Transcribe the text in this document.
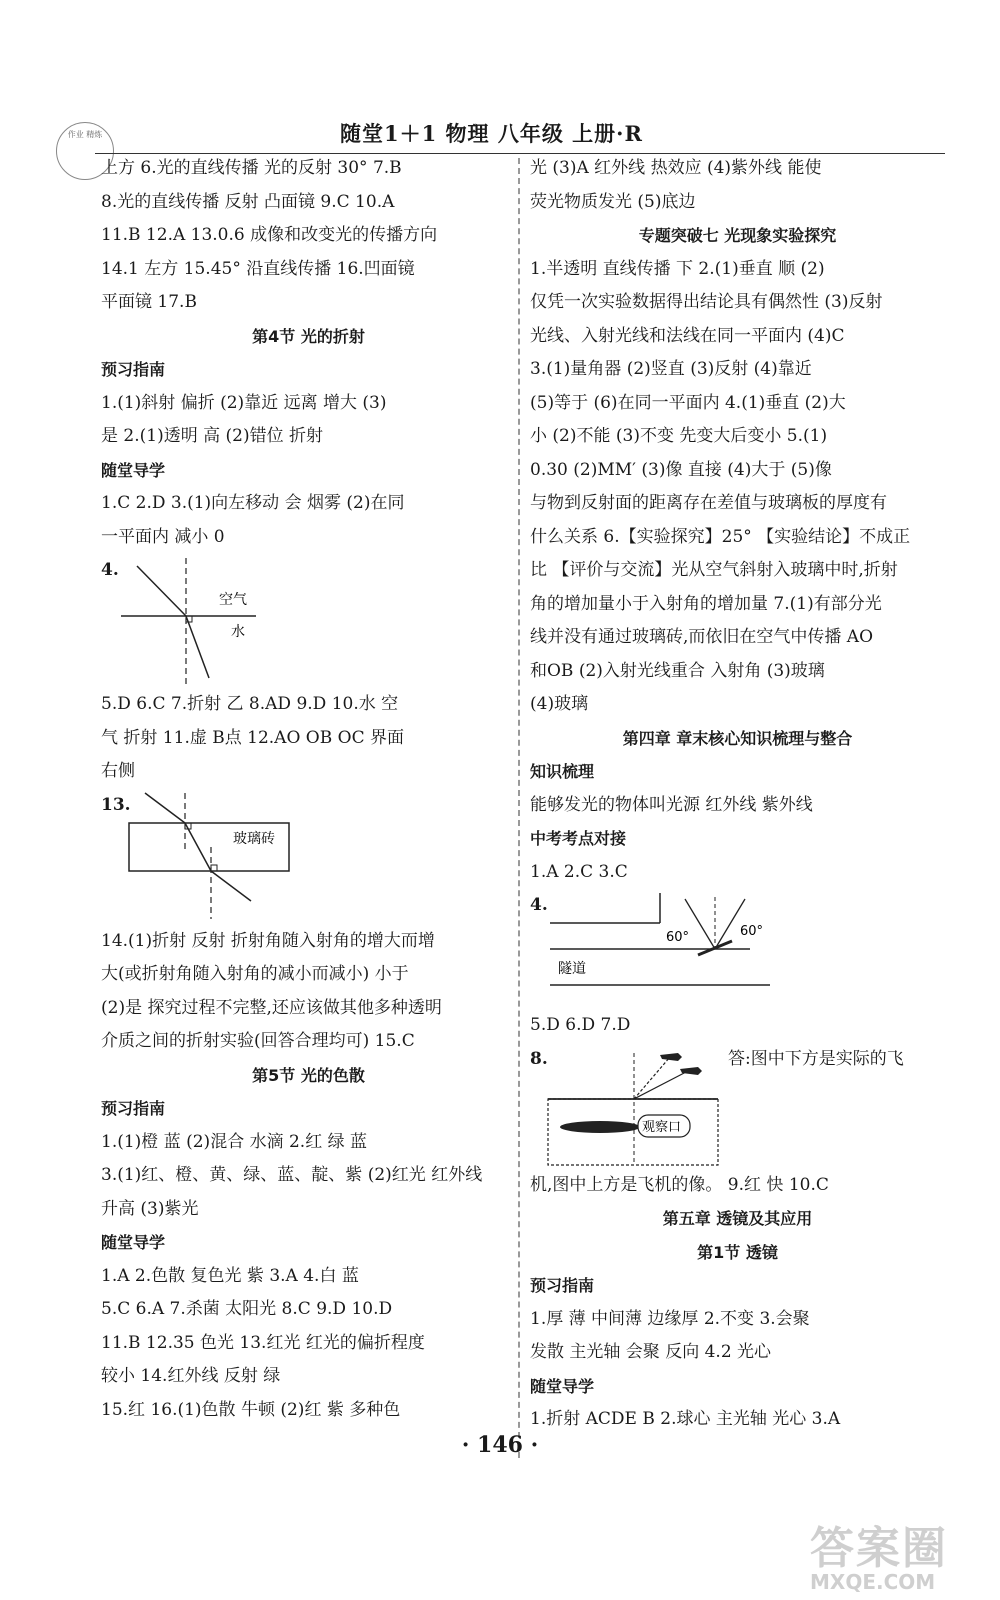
随堂1＋1 物理 八年级 上册·R
作业 精炼
上方 6.光的直线传播 光的反射 30° 7.B
8.光的直线传播 反射 凸面镜 9.C 10.A
11.B 12.A 13.0.6 成像和改变光的传播方向
14.1 左方 15.45° 沿直线传播 16.凹面镜
平面镜 17.B
第4节 光的折射
预习指南
1.(1)斜射 偏折 (2)靠近 远离 增大 (3)
是 2.(1)透明 高 (2)错位 折射
随堂导学
1.C 2.D 3.(1)向左移动 会 烟雾 (2)在同
一平面内 减小 0
4.
空气
水
5.D 6.C 7.折射 乙 8.AD 9.D 10.水 空
气 折射 11.虚 B点 12.AO OB OC 界面
右侧
13.
玻璃砖
14.(1)折射 反射 折射角随入射角的增大而增
大(或折射角随入射角的减小而减小) 小于
(2)是 探究过程不完整,还应该做其他多种透明
介质之间的折射实验(回答合理均可) 15.C
第5节 光的色散
预习指南
1.(1)橙 蓝 (2)混合 水滴 2.红 绿 蓝
3.(1)红、橙、黄、绿、蓝、靛、紫 (2)红光 红外线
升高 (3)紫光
随堂导学
1.A 2.色散 复色光 紫 3.A 4.白 蓝
5.C 6.A 7.杀菌 太阳光 8.C 9.D 10.D
11.B 12.35 色光 13.红光 红光的偏折程度
较小 14.红外线 反射 绿
15.红 16.(1)色散 牛顿 (2)红 紫 多种色
光 (3)A 红外线 热效应 (4)紫外线 能使
荧光物质发光 (5)底边
专题突破七 光现象实验探究
1.半透明 直线传播 下 2.(1)垂直 顺 (2)
仅凭一次实验数据得出结论具有偶然性 (3)反射
光线、入射光线和法线在同一平面内 (4)C
3.(1)量角器 (2)竖直 (3)反射 (4)靠近
(5)等于 (6)在同一平面内 4.(1)垂直 (2)大
小 (2)不能 (3)不变 先变大后变小 5.(1)
0.30 (2)MM′ (3)像 直接 (4)大于 (5)像
与物到反射面的距离存在差值与玻璃板的厚度有
什么关系 6.【实验探究】25° 【实验结论】不成正
比 【评价与交流】光从空气斜射入玻璃中时,折射
角的增加量小于入射角的增加量 7.(1)有部分光
线并没有通过玻璃砖,而依旧在空气中传播 AO
和OB (2)入射光线重合 入射角 (3)玻璃
(4)玻璃
第四章 章末核心知识梳理与整合
知识梳理
能够发光的物体叫光源 红外线 紫外线
中考考点对接
1.A 2.C 3.C
4.
60°	60°
隧道
5.D 6.D 7.D
8.
观察口
答:图中下方是实际的飞
机,图中上方是飞机的像。 9.红 快 10.C
第五章 透镜及其应用
第1节 透镜
预习指南
1.厚 薄 中间薄 边缘厚 2.不变 3.会聚
发散 主光轴 会聚 反向 4.2 光心
随堂导学
1.折射 ACDE B 2.球心 主光轴 光心 3.A
· 146 ·
答案圈
MXQE.COM
